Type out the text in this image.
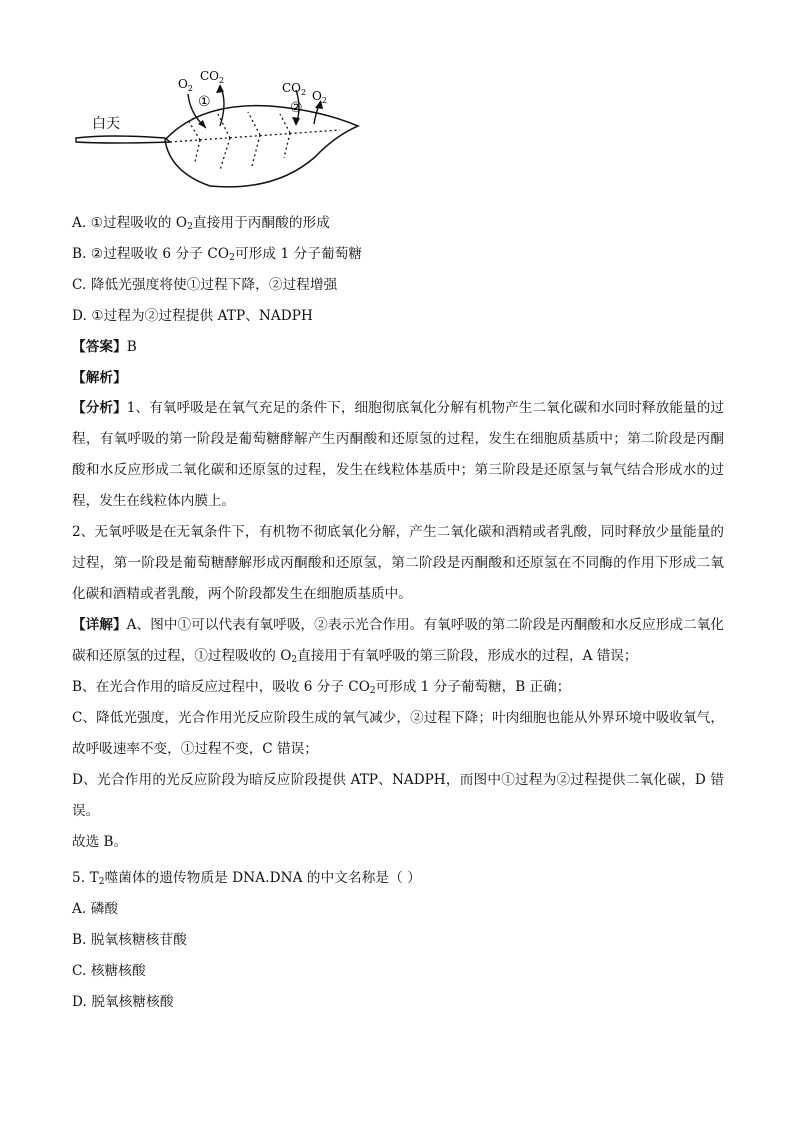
白天
$O_2$
$CO_2$
①
$CO_2$
②
$O_2$
A. ①过程吸收的 $O_2$直接用于丙酮酸的形成
B. ②过程吸收 6 分子 $CO_2$可形成 1 分子葡萄糖
C. 降低光强度将使①过程下降，②过程增强
D. ①过程为②过程提供 ATP、NADPH
【答案】B
【解析】

【分析】1、有氧呼吸是在氧气充足的条件下，细胞彻底氧化分解有机物产生二氧化碳和水同时释放能量的过程，有氧呼吸的第一阶段是葡萄糖酵解产生丙酮酸和还原氢的过程，发生在细胞质基质中；第二阶段是丙酮酸和水反应形成二氧化碳和还原氢的过程，发生在线粒体基质中；第三阶段是还原氢与氧气结合形成水的过程，发生在线粒体内膜上。

2、无氧呼吸是在无氧条件下，有机物不彻底氧化分解，产生二氧化碳和酒精或者乳酸，同时释放少量能量的过程，第一阶段是葡萄糖酵解形成丙酮酸和还原氢，第二阶段是丙酮酸和还原氢在不同酶的作用下形成二氧化碳和酒精或者乳酸，两个阶段都发生在细胞质基质中。

【详解】A、图中①可以代表有氧呼吸，②表示光合作用。有氧呼吸的第二阶段是丙酮酸和水反应形成二氧化碳和还原氢的过程，①过程吸收的 $O_2$直接用于有氧呼吸的第三阶段，形成水的过程，A 错误；

B、在光合作用的暗反应过程中，吸收 6 分子 $CO_2$可形成 1 分子葡萄糖，B 正确；

C、降低光强度，光合作用光反应阶段生成的氧气减少，②过程下降；叶肉细胞也能从外界环境中吸收氧气，故呼吸速率不变，①过程不变，C 错误；

D、光合作用的光反应阶段为暗反应阶段提供 ATP、NADPH，而图中①过程为②过程提供二氧化碳，D 错误。

故选 B。

5. $T_2$噬菌体的遗传物质是 DNA.DNA 的中文名称是（ ）
A. 磷酸
B. 脱氧核糖核苷酸
C. 核糖核酸
D. 脱氧核糖核酸
